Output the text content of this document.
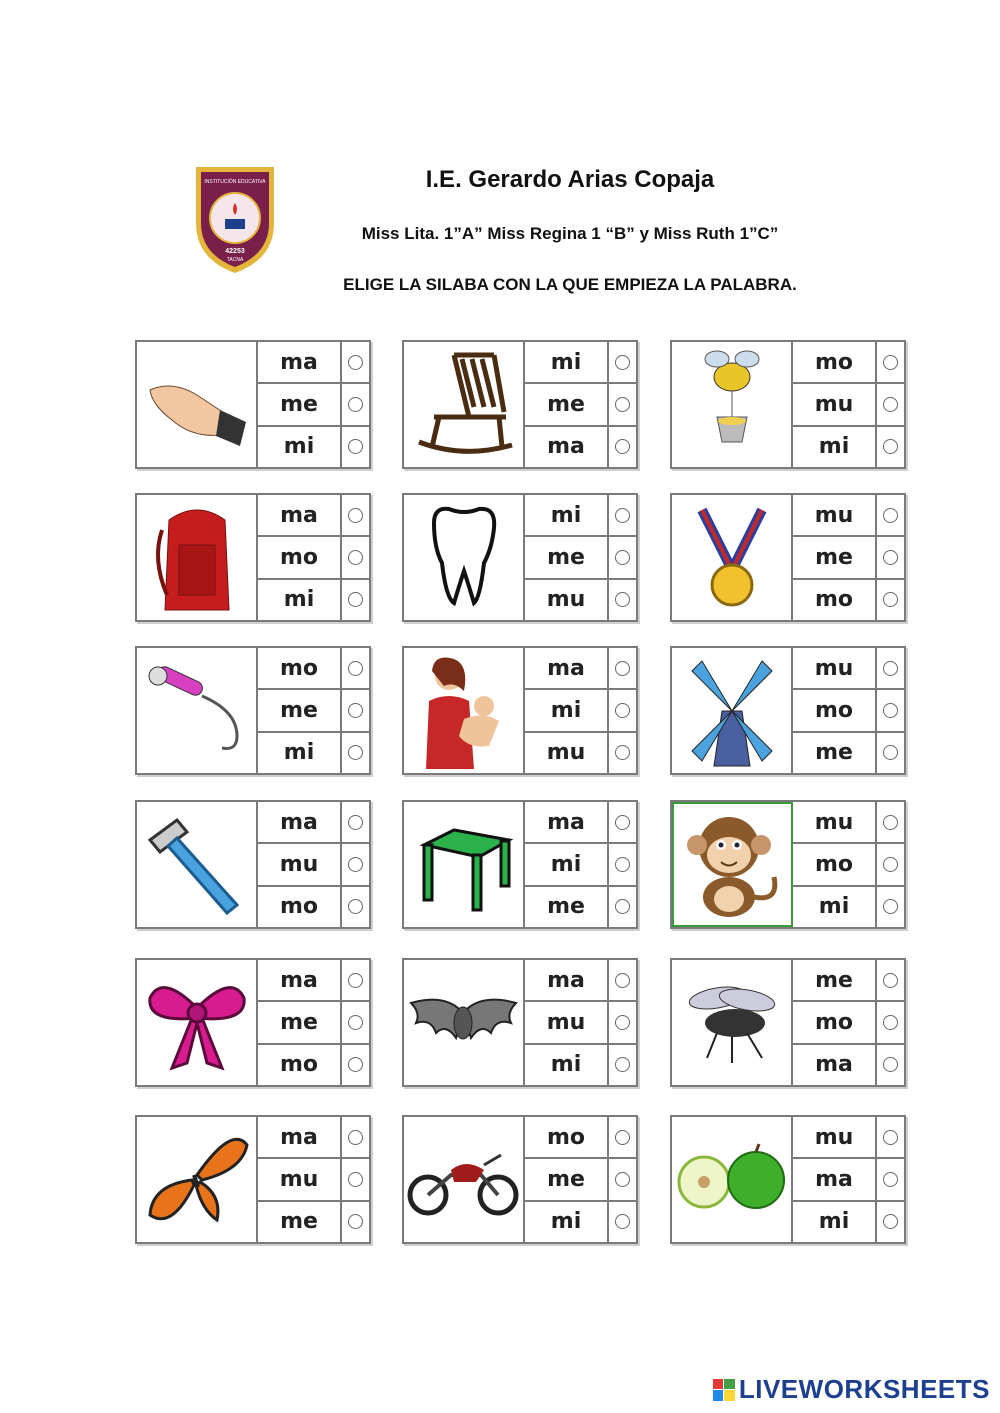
INSTITUCIÓN EDUCATIVA
42253
TACNA
I.E. Gerardo Arias Copaja
Miss Lita. 1”A” Miss Regina 1 “B” y Miss Ruth 1”C”
ELIGE LA SILABA CON LA QUE EMPIEZA LA PALABRA.
ma
me
mi
mi
me
ma
mo
mu
mi
ma
mo
mi
mi
me
mu
mu
me
mo
mo
me
mi
ma
mi
mu
mu
mo
me
ma
mu
mo
ma
mi
me
mu
mo
mi
ma
me
mo
ma
mu
mi
me
mo
ma
ma
mu
me
mo
me
mi
mu
ma
mi
LIVEWORKSHEETS
